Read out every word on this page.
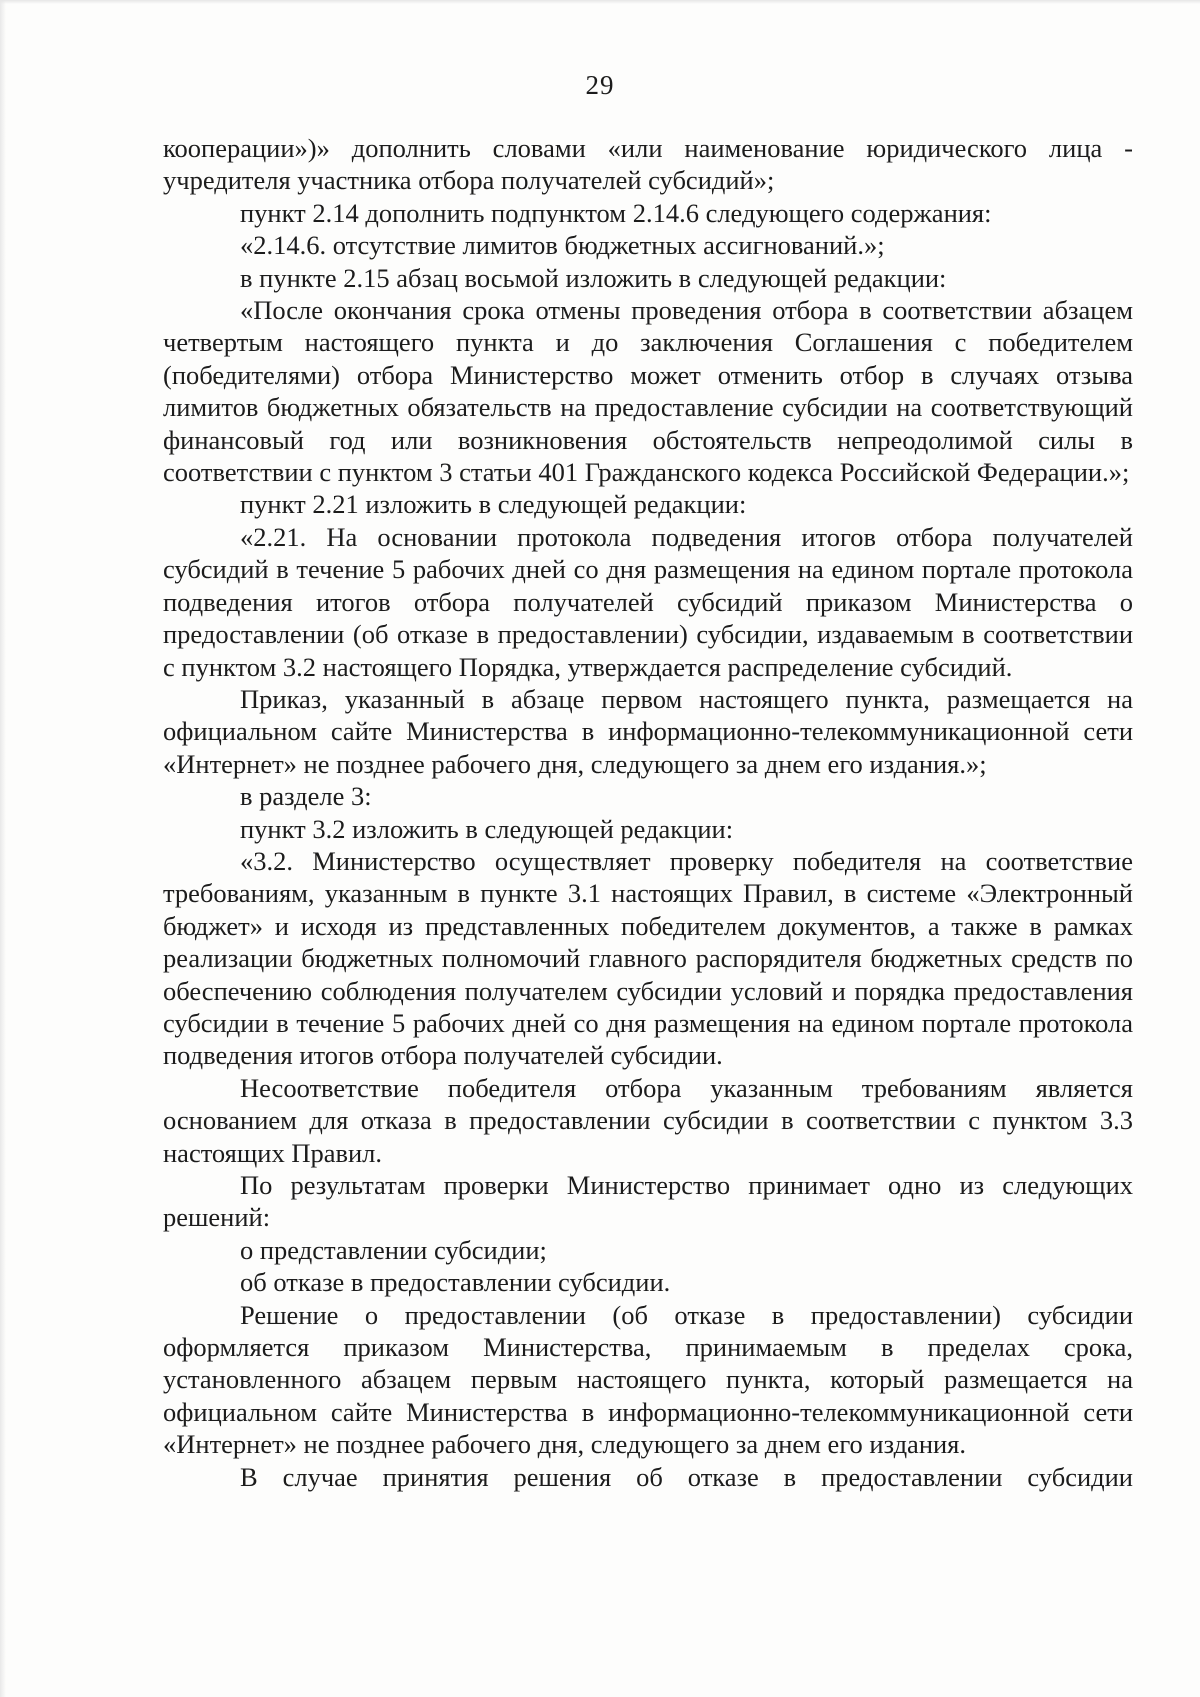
29

кооперации»)» дополнить словами «или наименование юридического лица - учредителя участника отбора получателей субсидий»;

пункт 2.14 дополнить подпунктом 2.14.6 следующего содержания:

«2.14.6. отсутствие лимитов бюджетных ассигнований.»;

в пункте 2.15 абзац восьмой изложить в следующей редакции:

«После окончания срока отмены проведения отбора в соответствии абзацем четвертым настоящего пункта и до заключения Соглашения с победителем (победителями) отбора Министерство может отменить отбор в случаях отзыва лимитов бюджетных обязательств на предоставление субсидии на соответствующий финансовый год или возникновения обстоятельств непреодолимой силы в соответствии с пунктом 3 статьи 401 Гражданского кодекса Российской Федерации.»;

пункт 2.21 изложить в следующей редакции:

«2.21. На основании протокола подведения итогов отбора получателей субсидий в течение 5 рабочих дней со дня размещения на едином портале протокола подведения итогов отбора получателей субсидий приказом Министерства о предоставлении (об отказе в предоставлении) субсидии, издаваемым в соответствии с пунктом 3.2 настоящего Порядка, утверждается распределение субсидий.

Приказ, указанный в абзаце первом настоящего пункта, размещается на официальном сайте Министерства в информационно-телекоммуникационной сети «Интернет» не позднее рабочего дня, следующего за днем его издания.»;

в разделе 3:

пункт 3.2 изложить в следующей редакции:

«3.2. Министерство осуществляет проверку победителя на соответствие требованиям, указанным в пункте 3.1 настоящих Правил, в системе «Электронный бюджет» и исходя из представленных победителем документов, а также в рамках реализации бюджетных полномочий главного распорядителя бюджетных средств по обеспечению соблюдения получателем субсидии условий и порядка предоставления субсидии в течение 5 рабочих дней со дня размещения на едином портале протокола подведения итогов отбора получателей субсидии.

Несоответствие победителя отбора указанным требованиям является основанием для отказа в предоставлении субсидии в соответствии с пунктом 3.3 настоящих Правил.

По результатам проверки Министерство принимает одно из следующих решений:

о представлении субсидии;

об отказе в предоставлении субсидии.

Решение о предоставлении (об отказе в предоставлении) субсидии оформляется приказом Министерства, принимаемым в пределах срока, установленного абзацем первым настоящего пункта, который размещается на официальном сайте Министерства в информационно-телекоммуникационной сети «Интернет» не позднее рабочего дня, следующего за днем его издания.

В случае принятия решения об отказе в предоставлении субсидии
